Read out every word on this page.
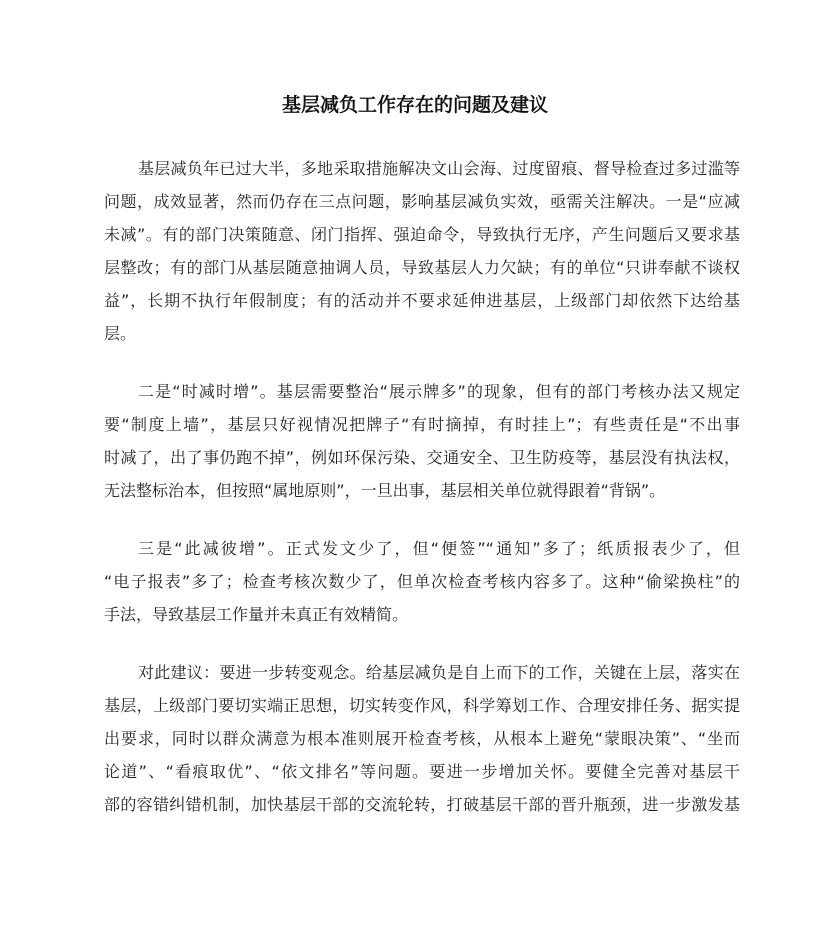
基层减负工作存在的问题及建议
基层减负年已过大半，多地采取措施解决文山会海、过度留痕、督导检查过多过滥等
问题，成效显著，然而仍存在三点问题，影响基层减负实效，亟需关注解决。一是“应减
未减”。有的部门决策随意、闭门指挥、强迫命令，导致执行无序，产生问题后又要求基
层整改；有的部门从基层随意抽调人员，导致基层人力欠缺；有的单位“只讲奉献不谈权
益”，长期不执行年假制度；有的活动并不要求延伸进基层，上级部门却依然下达给基
层。
二是“时减时增”。基层需要整治“展示牌多”的现象，但有的部门考核办法又规定
要“制度上墙”，基层只好视情况把牌子“有时摘掉，有时挂上”；有些责任是“不出事
时减了，出了事仍跑不掉”，例如环保污染、交通安全、卫生防疫等，基层没有执法权，
无法整标治本，但按照“属地原则”，一旦出事，基层相关单位就得跟着“背锅”。
三是“此减彼增”。正式发文少了，但“便签”“通知”多了；纸质报表少了，但
“电子报表”多了；检查考核次数少了，但单次检查考核内容多了。这种“偷梁换柱”的
手法，导致基层工作量并未真正有效精简。
对此建议：要进一步转变观念。给基层减负是自上而下的工作，关键在上层，落实在
基层，上级部门要切实端正思想，切实转变作风，科学筹划工作、合理安排任务、据实提
出要求，同时以群众满意为根本准则展开检查考核，从根本上避免“蒙眼决策”、“坐而
论道”、“看痕取优”、“依文排名”等问题。要进一步增加关怀。要健全完善对基层干
部的容错纠错机制，加快基层干部的交流轮转，打破基层干部的晋升瓶颈，进一步激发基
